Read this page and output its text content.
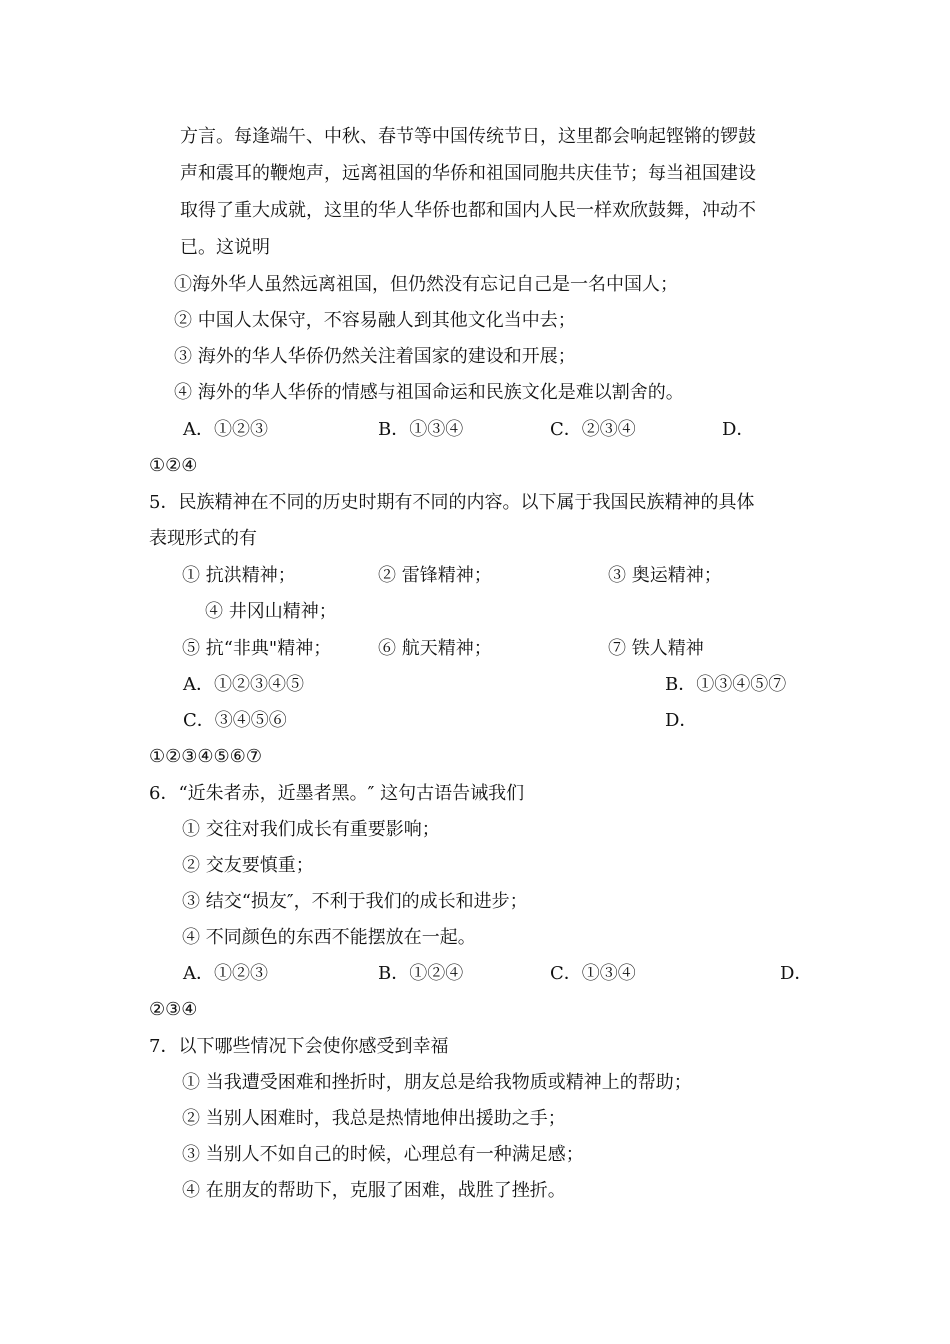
方言。每逢端午、中秋、春节等中国传统节日，这里都会响起铿锵的锣鼓
声和震耳的鞭炮声，远离祖国的华侨和祖国同胞共庆佳节；每当祖国建设
取得了重大成就，这里的华人华侨也都和国内人民一样欢欣鼓舞，冲动不
已。这说明
①海外华人虽然远离祖国，但仍然没有忘记自己是一名中国人；
② 中国人太保守，不容易融人到其他文化当中去；
③ 海外的华人华侨仍然关注着国家的建设和开展；
④ 海外的华人华侨的情感与祖国命运和民族文化是难以割舍的。
A．①②③	B．①③④	C．②③④	D．
①②④
5．民族精神在不同的历史时期有不同的内容。以下属于我国民族精神的具体
表现形式的有
① 抗洪精神；	② 雷锋精神；	③ 奥运精神；
④ 井冈山精神；
⑤ 抗“非典"精神；	⑥ 航天精神；	⑦ 铁人精神
A．①②③④⑤	B．①③④⑤⑦
C．③④⑤⑥	D．
①②③④⑤⑥⑦
6．“近朱者赤，近墨者黑。″ 这句古语告诫我们
① 交往对我们成长有重要影响；
② 交友要慎重；
③ 结交“损友″，不利于我们的成长和进步；
④ 不同颜色的东西不能摆放在一起。
A．①②③	B．①②④	C．①③④	D．
②③④
7．以下哪些情况下会使你感受到幸福
① 当我遭受困难和挫折时，朋友总是给我物质或精神上的帮助；
② 当别人困难时，我总是热情地伸出援助之手；
③ 当别人不如自己的时候，心理总有一种满足感；
④ 在朋友的帮助下，克服了困难，战胜了挫折。
